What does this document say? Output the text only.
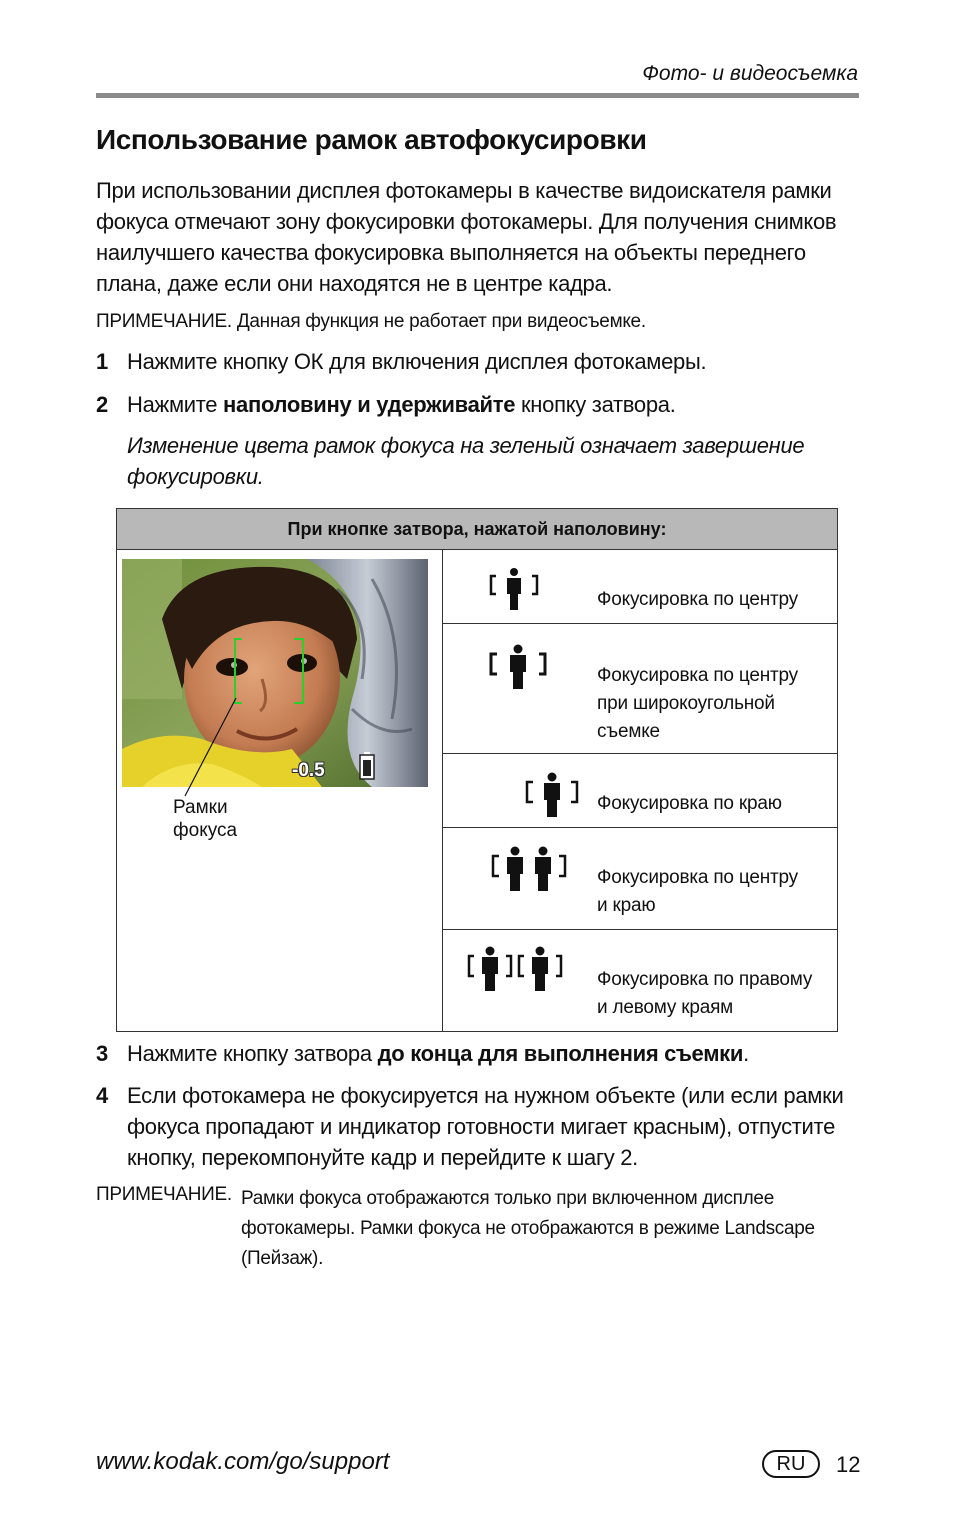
Фото- и видеосъемка
Использование рамок автофокусировки
При использовании дисплея фотокамеры в качестве видоискателя рамки фокуса отмечают зону фокусировки фотокамеры. Для получения снимков наилучшего качества фокусировка выполняется на объекты переднего плана, даже если они находятся не в центре кадра.
ПРИМЕЧАНИЕ. Данная функция не работает при видеосъемке.
1 Нажмите кнопку ОК для включения дисплея фотокамеры.
2 Нажмите наполовину и удерживайте кнопку затвора.
Изменение цвета рамок фокуса на зеленый означает завершение фокусировки.
При кнопке затвора, нажатой наполовину:
-0.5
Рамки
фокуса
Фокусировка по центру
Фокусировка по центру
при широкоугольной
съемке
Фокусировка по краю
Фокусировка по центру
и краю
Фокусировка по правому
и левому краям
3 Нажмите кнопку затвора до конца для выполнения съемки.
4 Если фотокамера не фокусируется на нужном объекте (или если рамки фокуса пропадают и индикатор готовности мигает красным), отпустите кнопку, перекомпонуйте кадр и перейдите к шагу 2.
ПРИМЕЧАНИЕ. Рамки фокуса отображаются только при включенном дисплее фотокамеры. Рамки фокуса не отображаются в режиме Landscape (Пейзаж).
www.kodak.com/go/support	RU	12
